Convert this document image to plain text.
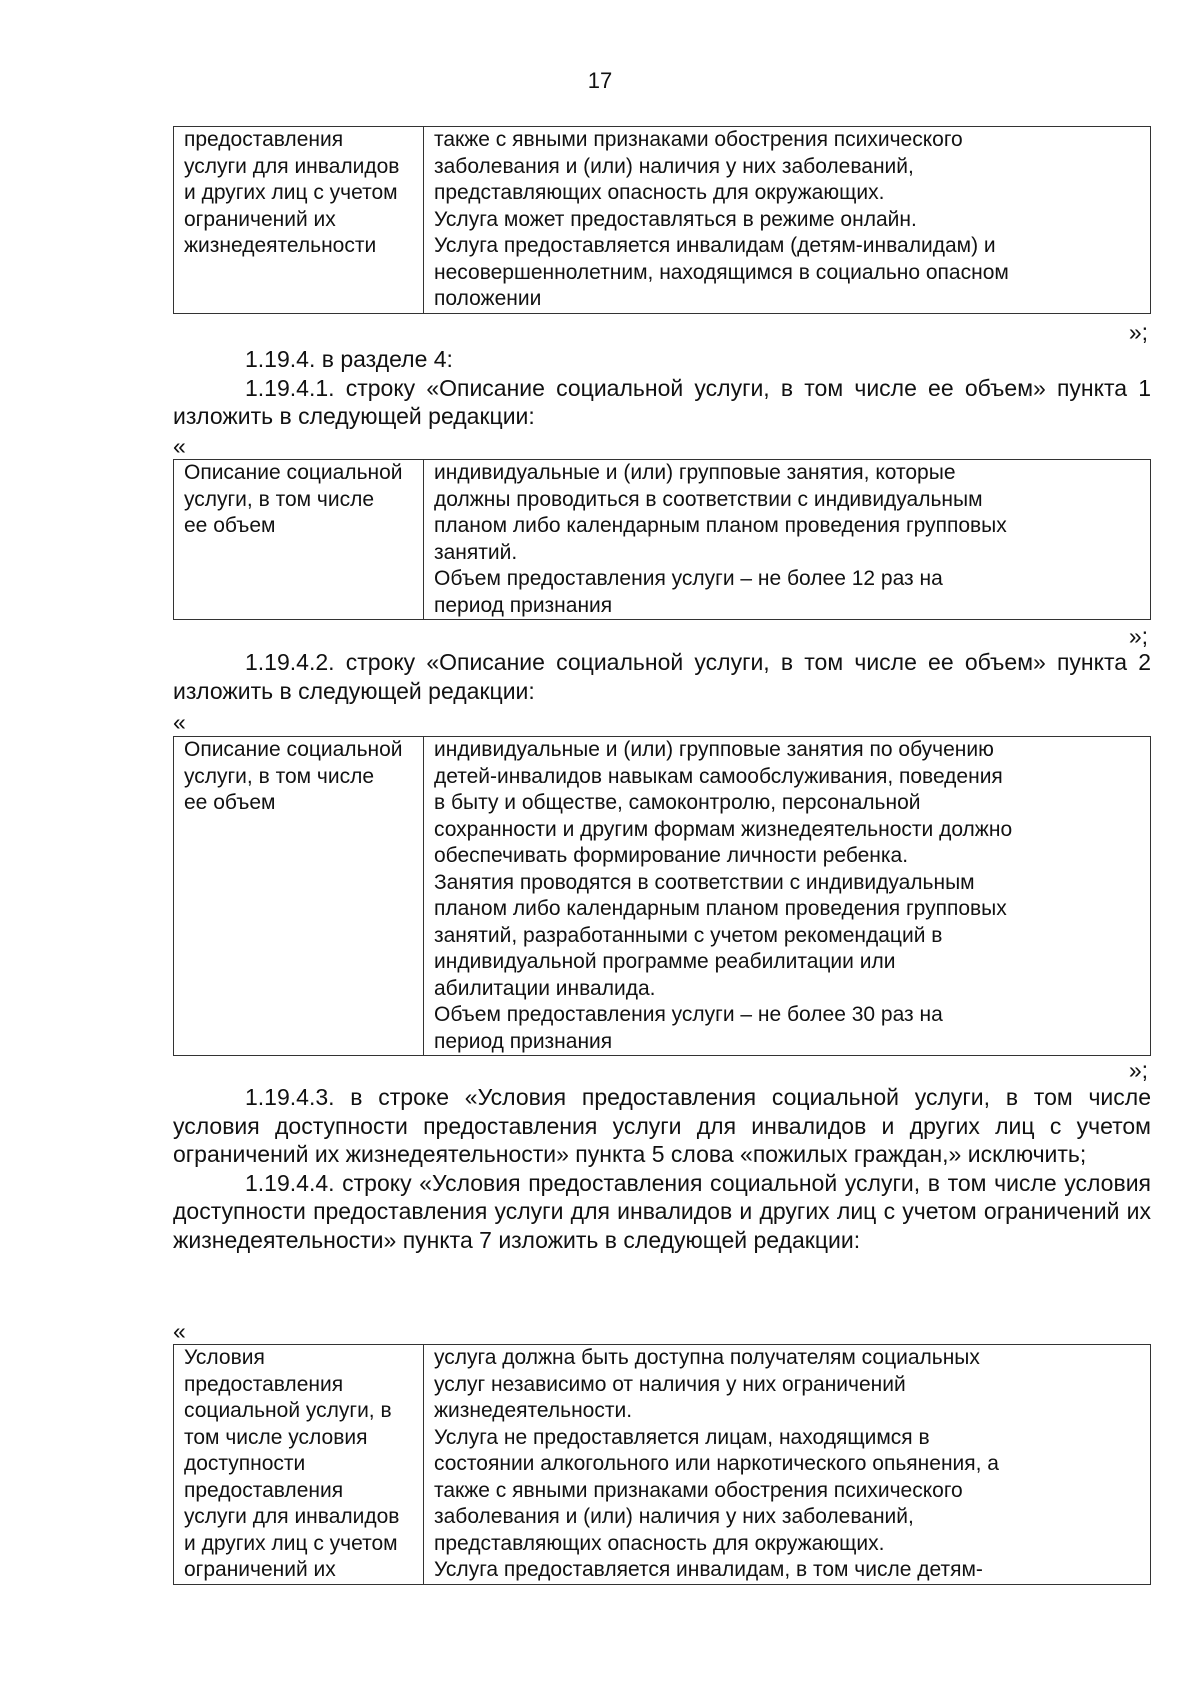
17
предоставления
услуги для инвалидов
и других лиц с учетом
ограничений их
жизнедеятельности	также с явными признаками обострения психического
заболевания и (или) наличия у них заболеваний,
представляющих опасность для окружающих.
Услуга может предоставляться в режиме онлайн.
Услуга предоставляется инвалидам (детям-инвалидам) и
несовершеннолетним, находящимся в социально опасном
положении
»;

1.19.4. в разделе 4:

1.19.4.1. строку «Описание социальной услуги, в том числе ее объем» пункта 1 изложить в следующей редакции:

«
Описание социальной
услуги, в том числе
ее объем	индивидуальные и (или) групповые занятия, которые
должны проводиться в соответствии с индивидуальным
планом либо календарным планом проведения групповых
занятий.
Объем предоставления услуги – не более 12 раз на
период признания
»;

1.19.4.2. строку «Описание социальной услуги, в том числе ее объем» пункта 2 изложить в следующей редакции:

«
Описание социальной
услуги, в том числе
ее объем	индивидуальные и (или) групповые занятия по обучению
детей-инвалидов навыкам самообслуживания, поведения
в быту и обществе, самоконтролю, персональной
сохранности и другим формам жизнедеятельности должно
обеспечивать формирование личности ребенка.
Занятия проводятся в соответствии с индивидуальным
планом либо календарным планом проведения групповых
занятий, разработанными с учетом рекомендаций в
индивидуальной программе реабилитации или
абилитации инвалида.
Объем предоставления услуги – не более 30 раз на
период признания
»;

1.19.4.3. в строке «Условия предоставления социальной услуги, в том числе условия доступности предоставления услуги для инвалидов и других лиц с учетом ограничений их жизнедеятельности» пункта 5 слова «пожилых граждан,» исключить;

1.19.4.4. строку «Условия предоставления социальной услуги, в том числе условия доступности предоставления услуги для инвалидов и других лиц с учетом ограничений их жизнедеятельности» пункта 7 изложить в следующей редакции:

«
Условия
предоставления
социальной услуги, в
том числе условия
доступности
предоставления
услуги для инвалидов
и других лиц с учетом
ограничений их	услуга должна быть доступна получателям социальных
услуг независимо от наличия у них ограничений
жизнедеятельности.
Услуга не предоставляется лицам, находящимся в
состоянии алкогольного или наркотического опьянения, а
также с явными признаками обострения психического
заболевания и (или) наличия у них заболеваний,
представляющих опасность для окружающих.
Услуга предоставляется инвалидам, в том числе детям-
